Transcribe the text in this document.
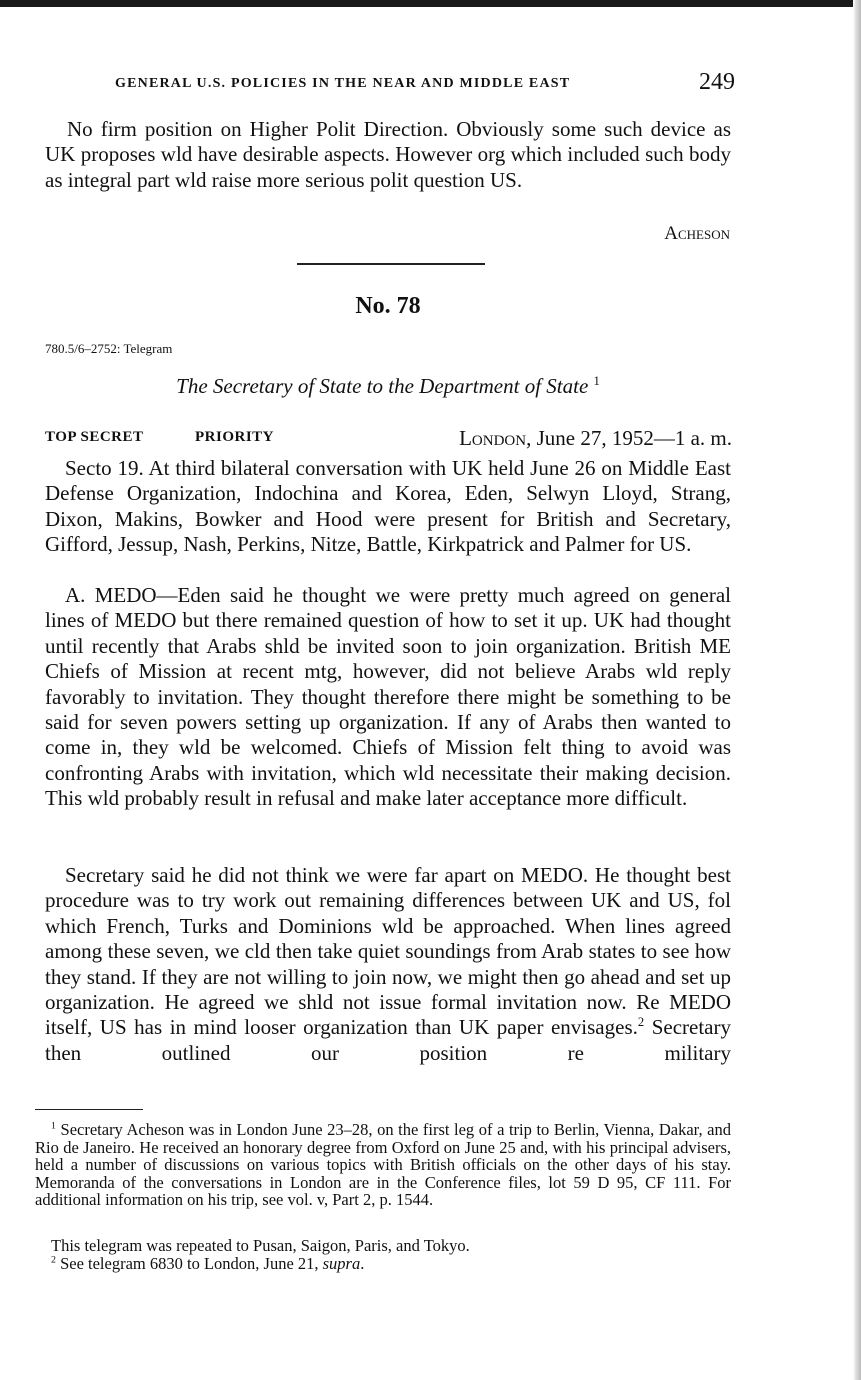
GENERAL U.S. POLICIES IN THE NEAR AND MIDDLE EAST	249

No firm position on Higher Polit Direction. Obviously some such device as UK proposes wld have desirable aspects. However org which included such body as integral part wld raise more serious polit question US.

Acheson
No. 78
780.5/6–2752: Telegram
The Secretary of State to the Department of State $^1$
TOP SECRET	PRIORITY	London, June 27, 1952—1 a. m.

Secto 19. At third bilateral conversation with UK held June 26 on Middle East Defense Organization, Indochina and Korea, Eden, Selwyn Lloyd, Strang, Dixon, Makins, Bowker and Hood were present for British and Secretary, Gifford, Jessup, Nash, Perkins, Nitze, Battle, Kirkpatrick and Palmer for US.

A. MEDO—Eden said he thought we were pretty much agreed on general lines of MEDO but there remained question of how to set it up. UK had thought until recently that Arabs shld be invited soon to join organization. British ME Chiefs of Mission at recent mtg, however, did not believe Arabs wld reply favorably to invitation. They thought therefore there might be something to be said for seven powers setting up organization. If any of Arabs then wanted to come in, they wld be welcomed. Chiefs of Mission felt thing to avoid was confronting Arabs with invitation, which wld necessitate their making decision. This wld probably result in refusal and make later acceptance more difficult.

Secretary said he did not think we were far apart on MEDO. He thought best procedure was to try work out remaining differences between UK and US, fol which French, Turks and Dominions wld be approached. When lines agreed among these seven, we cld then take quiet soundings from Arab states to see how they stand. If they are not willing to join now, we might then go ahead and set up organization. He agreed we shld not issue formal invitation now. Re MEDO itself, US has in mind looser organization than UK paper envisages.$^2$ Secretary then outlined our position re military

$^1$ Secretary Acheson was in London June 23–28, on the first leg of a trip to Berlin, Vienna, Dakar, and Rio de Janeiro. He received an honorary degree from Oxford on June 25 and, with his principal advisers, held a number of discussions on various topics with British officials on the other days of his stay. Memoranda of the conversations in London are in the Conference files, lot 59 D 95, CF 111. For additional information on his trip, see vol. v, Part 2, p. 1544.

This telegram was repeated to Pusan, Saigon, Paris, and Tokyo.

$^2$ See telegram 6830 to London, June 21, supra.
